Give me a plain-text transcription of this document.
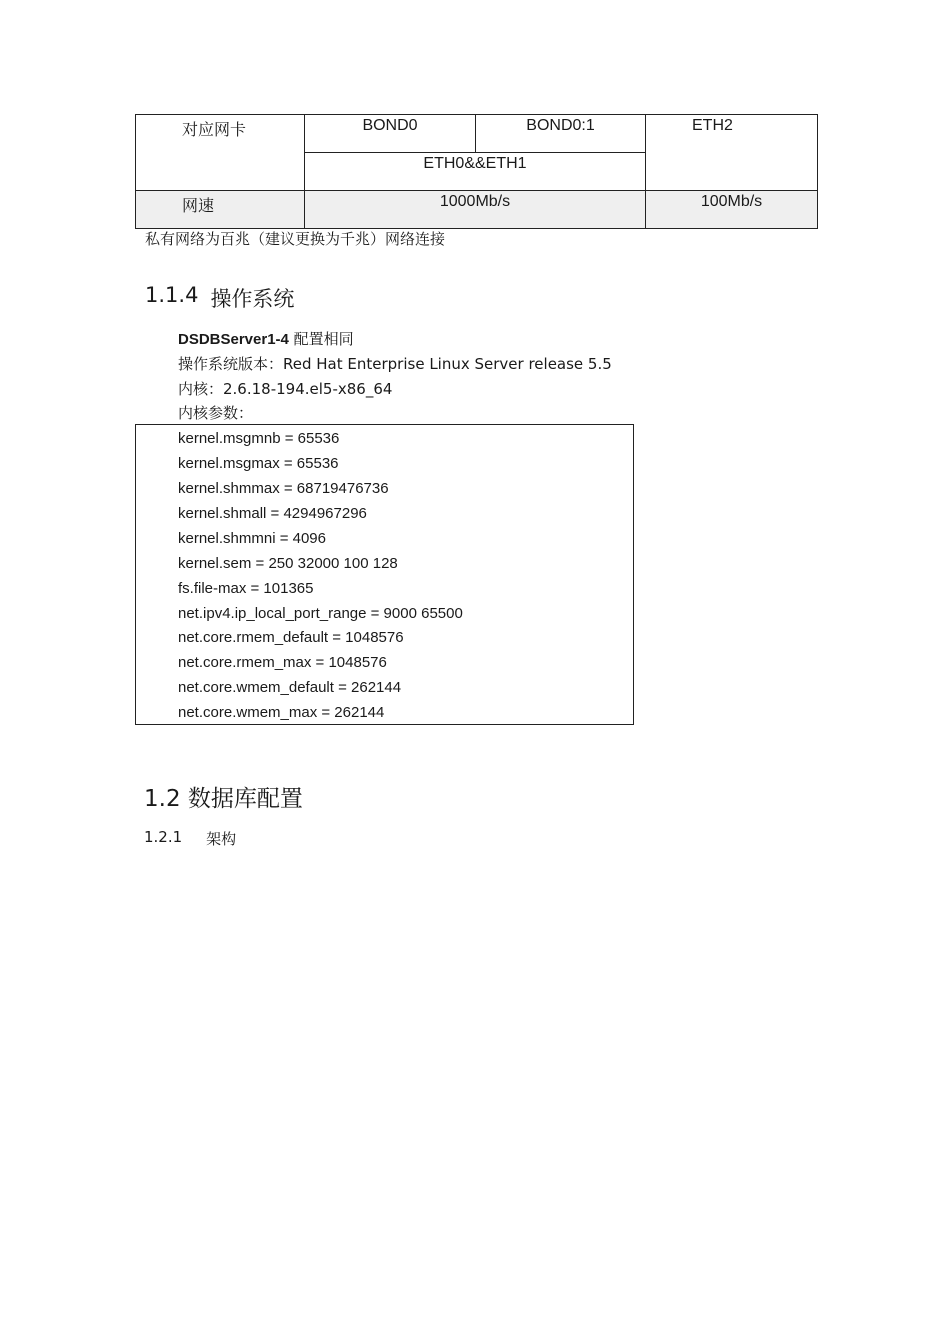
对应网卡	BOND0	BOND0:1	ETH2
	ETH0&&ETH1		
网速	1000Mb/s		100Mb/s
私有网络为百兆（建议更换为千兆）网络连接
1.1.4 操作系统
DSDBServer1-4 配置相同
操作系统版本：Red Hat Enterprise Linux Server release 5.5
内核：2.6.18-194.el5-x86_64
内核参数：
kernel.msgmnb = 65536
kernel.msgmax = 65536
kernel.shmmax = 68719476736
kernel.shmall = 4294967296
kernel.shmmni = 4096
kernel.sem = 250 32000 100 128
fs.file-max = 101365
net.ipv4.ip_local_port_range = 9000 65500
net.core.rmem_default = 1048576
net.core.rmem_max = 1048576
net.core.wmem_default = 262144
net.core.wmem_max = 262144
1.2 数据库配置
1.2.1 架构
